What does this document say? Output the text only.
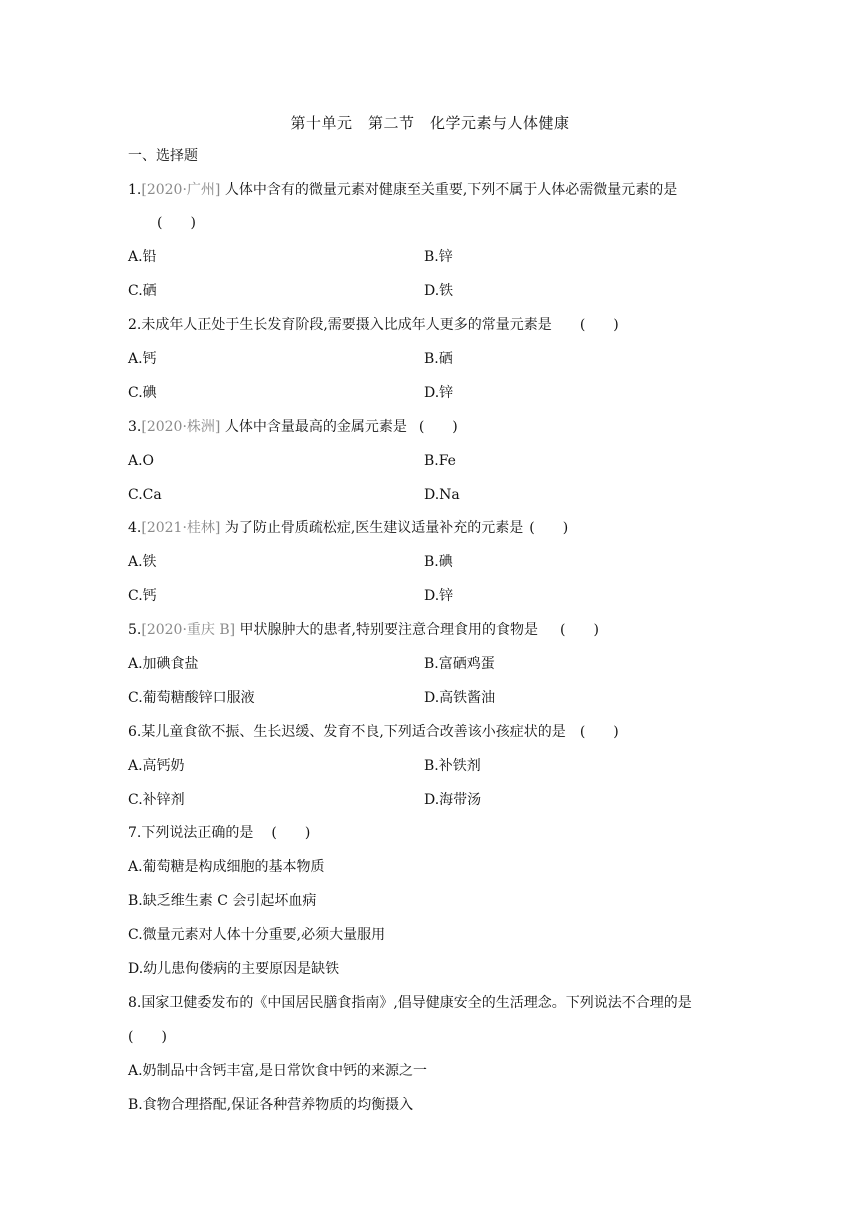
第十单元　第二节　化学元素与人体健康
一、选择题
1.[2020·广州] 人体中含有的微量元素对健康至关重要,下列不属于人体必需微量元素的是
(　　)
A.铅	B.锌
C.硒	D.铁
2.未成年人正处于生长发育阶段,需要摄入比成年人更多的常量元素是 (　　)
A.钙	B.硒
C.碘	D.锌
3.[2020·株洲] 人体中含量最高的金属元素是 (　　)
A.O	B.Fe
C.Ca	D.Na
4.[2021·桂林] 为了防止骨质疏松症,医生建议适量补充的元素是 (　　)
A.铁	B.碘
C.钙	D.锌
5.[2020·重庆 B] 甲状腺肿大的患者,特别要注意合理食用的食物是 (　　)
A.加碘食盐	B.富硒鸡蛋
C.葡萄糖酸锌口服液	D.高铁酱油
6.某儿童食欲不振、生长迟缓、发育不良,下列适合改善该小孩症状的是 (　　)
A.高钙奶	B.补铁剂
C.补锌剂	D.海带汤
7.下列说法正确的是 (　　)
A.葡萄糖是构成细胞的基本物质
B.缺乏维生素 C 会引起坏血病
C.微量元素对人体十分重要,必须大量服用
D.幼儿患佝偻病的主要原因是缺铁
8.国家卫健委发布的《中国居民膳食指南》,倡导健康安全的生活理念。下列说法不合理的是
(　　)
A.奶制品中含钙丰富,是日常饮食中钙的来源之一
B.食物合理搭配,保证各种营养物质的均衡摄入
